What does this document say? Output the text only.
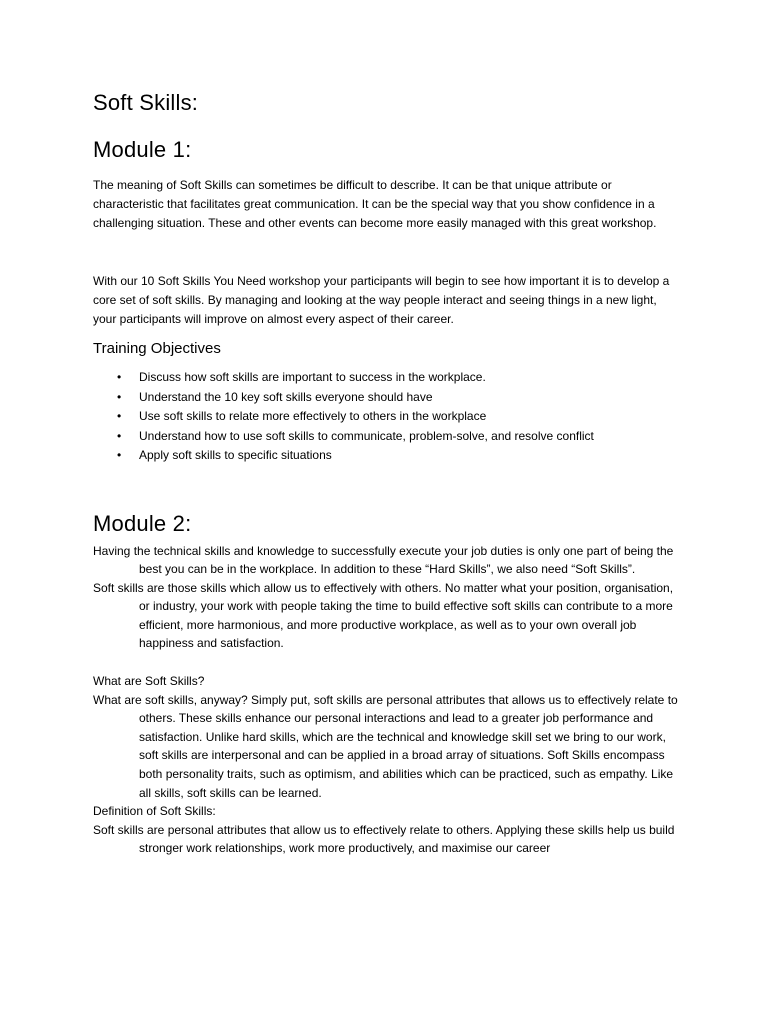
Soft Skills:
Module 1:

The meaning of Soft Skills can sometimes be difficult to describe. It can be that unique attribute or characteristic that facilitates great communication. It can be the special way that you show confidence in a challenging situation. These and other events can become more easily managed with this great workshop.

With our 10 Soft Skills You Need workshop your participants will begin to see how important it is to develop a core set of soft skills. By managing and looking at the way people interact and seeing things in a new light, your participants will improve on almost every aspect of their career.

Training Objectives
• Discuss how soft skills are important to success in the workplace.
• Understand the 10 key soft skills everyone should have
• Use soft skills to relate more effectively to others in the workplace
• Understand how to use soft skills to communicate, problem-solve, and resolve conflict
• Apply soft skills to specific situations
Module 2:

Having the technical skills and knowledge to successfully execute your job duties is only one part of being the best you can be in the workplace. In addition to these “Hard Skills”, we also need “Soft Skills”.

Soft skills are those skills which allow us to effectively with others. No matter what your position, organisation, or industry, your work with people taking the time to build effective soft skills can contribute to a more efficient, more harmonious, and more productive workplace, as well as to your own overall job happiness and satisfaction.

What are Soft Skills?

What are soft skills, anyway? Simply put, soft skills are personal attributes that allows us to effectively relate to others. These skills enhance our personal interactions and lead to a greater job performance and satisfaction. Unlike hard skills, which are the technical and knowledge skill set we bring to our work, soft skills are interpersonal and can be applied in a broad array of situations. Soft Skills encompass both personality traits, such as optimism, and abilities which can be practiced, such as empathy. Like all skills, soft skills can be learned.

Definition of Soft Skills:

Soft skills are personal attributes that allow us to effectively relate to others. Applying these skills help us build stronger work relationships, work more productively, and maximise our career
